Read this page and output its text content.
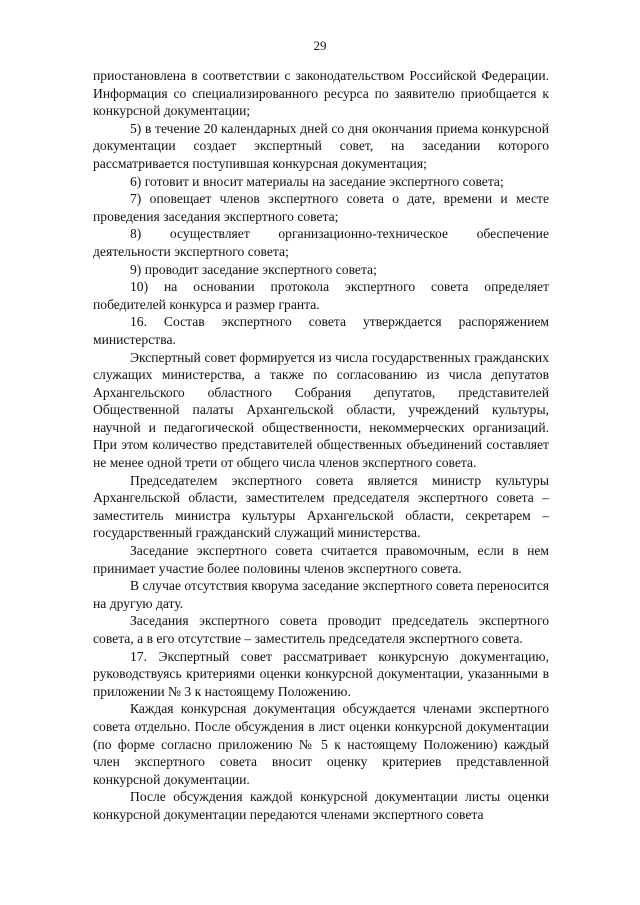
29

приостановлена в соответствии с законодательством Российской Федерации. Информация со специализированного ресурса по заявителю приобщается к конкурсной документации;

5) в течение 20 календарных дней со дня окончания приема конкурсной документации создает экспертный совет, на заседании которого рассматривается поступившая конкурсная документация;

6) готовит и вносит материалы на заседание экспертного совета;

7) оповещает членов экспертного совета о дате, времени и месте проведения заседания экспертного совета;

8) осуществляет организационно-техническое обеспечение деятельности экспертного совета;

9) проводит заседание экспертного совета;

10) на основании протокола экспертного совета определяет победителей конкурса и размер гранта.

16. Состав экспертного совета утверждается распоряжением министерства.

Экспертный совет формируется из числа государственных гражданских служащих министерства, а также по согласованию из числа депутатов Архангельского областного Собрания депутатов, представителей Общественной палаты Архангельской области, учреждений культуры, научной и педагогической общественности, некоммерческих организаций. При этом количество представителей общественных объединений составляет не менее одной трети от общего числа членов экспертного совета.

Председателем экспертного совета является министр культуры Архангельской области, заместителем председателя экспертного совета – заместитель министра культуры Архангельской области, секретарем – государственный гражданский служащий министерства.

Заседание экспертного совета считается правомочным, если в нем принимает участие более половины членов экспертного совета.

В случае отсутствия кворума заседание экспертного совета переносится на другую дату.

Заседания экспертного совета проводит председатель экспертного совета, а в его отсутствие – заместитель председателя экспертного совета.

17. Экспертный совет рассматривает конкурсную документацию, руководствуясь критериями оценки конкурсной документации, указанными в приложении № 3 к настоящему Положению.

Каждая конкурсная документация обсуждается членами экспертного совета отдельно. После обсуждения в лист оценки конкурсной документации (по форме согласно приложению № 5 к настоящему Положению) каждый член экспертного совета вносит оценку критериев представленной конкурсной документации.

После обсуждения каждой конкурсной документации листы оценки конкурсной документации передаются членами экспертного совета
